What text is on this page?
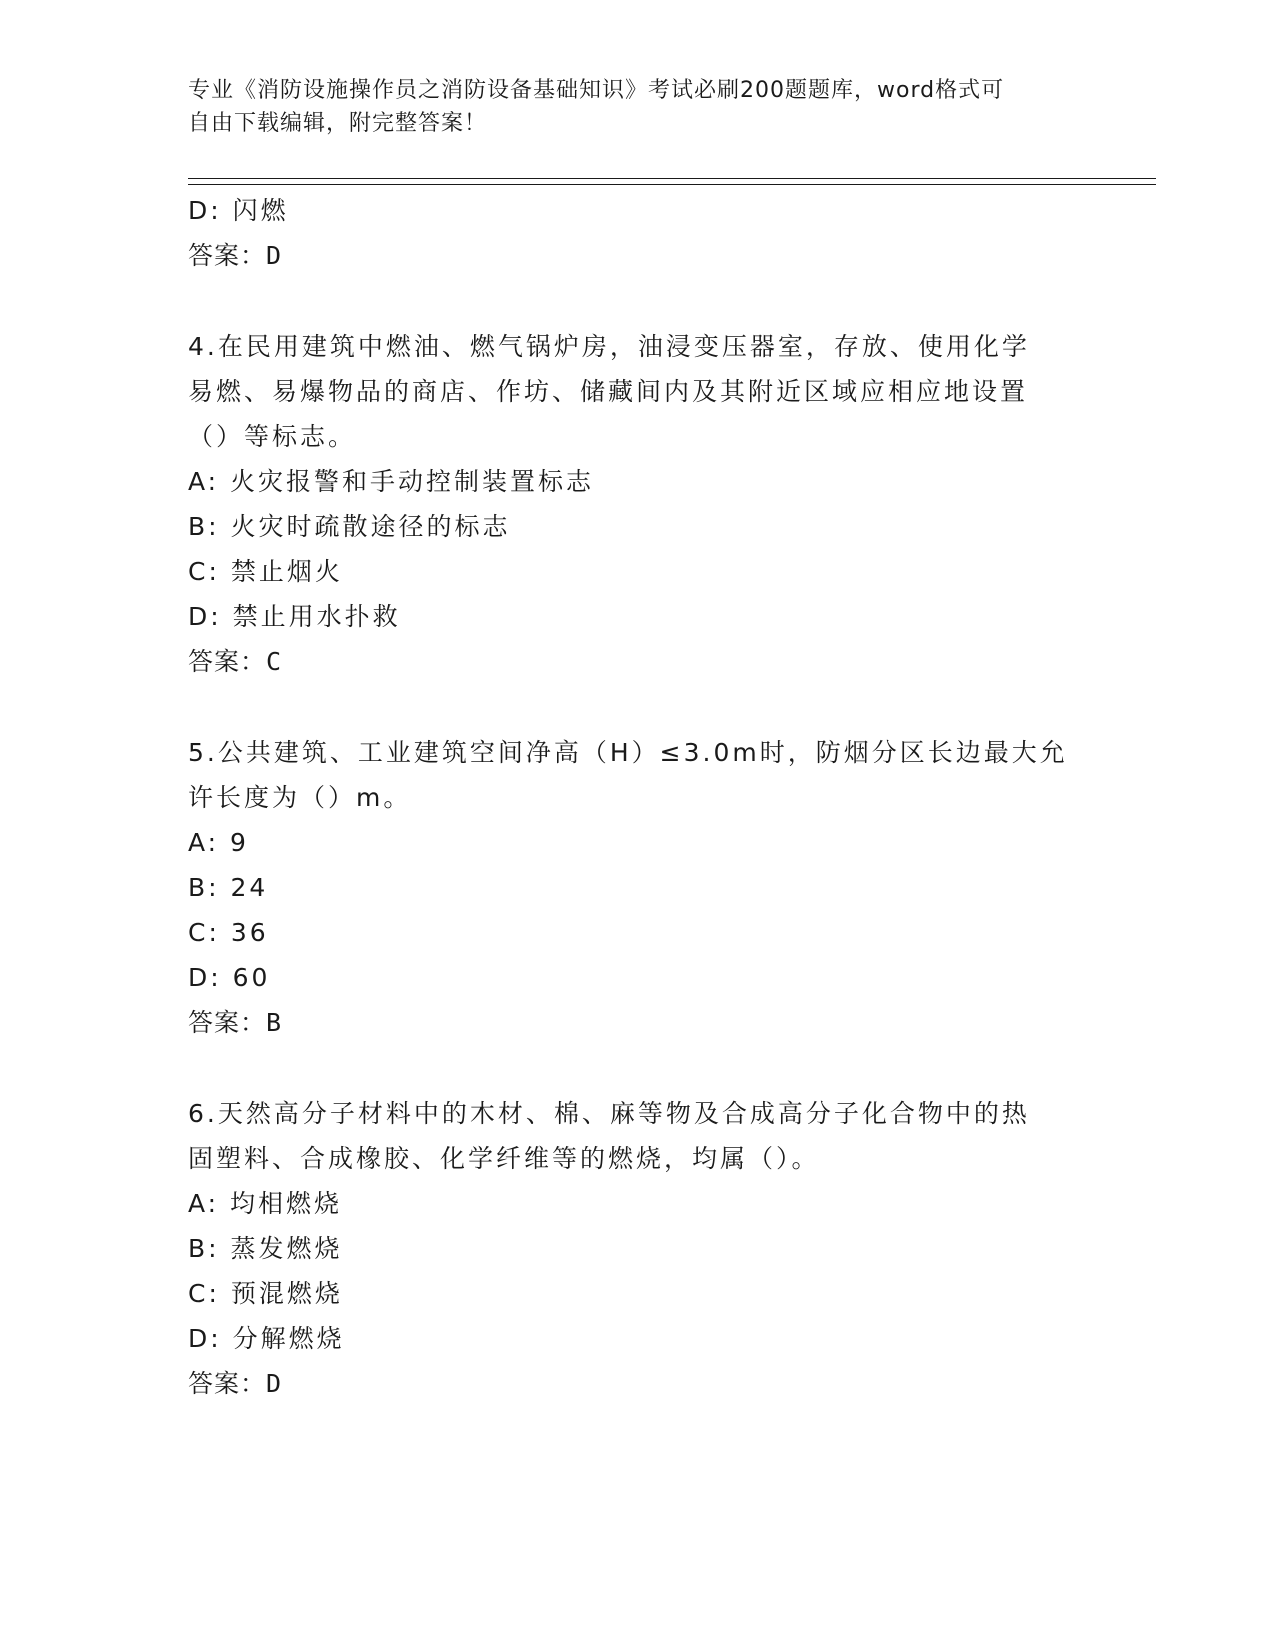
专业《消防设施操作员之消防设备基础知识》考试必刷200题题库，word格式可
自由下载编辑，附完整答案！
D: 闪燃
答案：D
4.在民用建筑中燃油、燃气锅炉房，油浸变压器室，存放、使用化学
易燃、易爆物品的商店、作坊、储藏间内及其附近区域应相应地设置
（）等标志。
A: 火灾报警和手动控制装置标志
B: 火灾时疏散途径的标志
C: 禁止烟火
D: 禁止用水扑救
答案：C
5.公共建筑、工业建筑空间净高（H）≤3.0m时，防烟分区长边最大允
许长度为（）m。
A: 9
B: 24
C: 36
D: 60
答案：B
6.天然高分子材料中的木材、棉、麻等物及合成高分子化合物中的热
固塑料、合成橡胶、化学纤维等的燃烧，均属（）。
A: 均相燃烧
B: 蒸发燃烧
C: 预混燃烧
D: 分解燃烧
答案：D
